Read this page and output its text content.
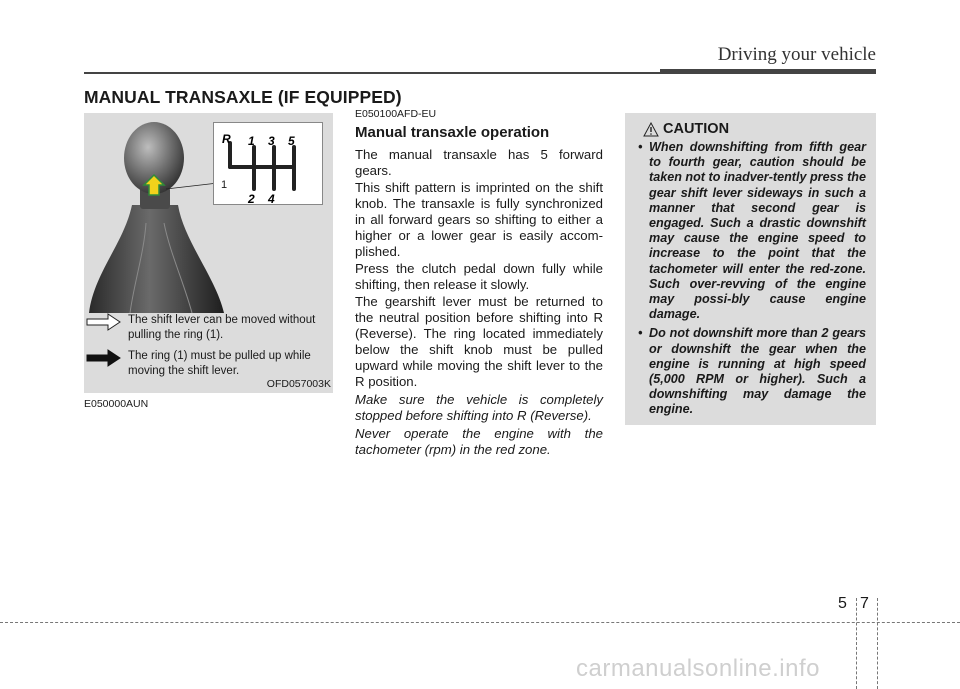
Driving your vehicle
MANUAL TRANSAXLE (IF EQUIPPED)
R 1 3 5
2 4
1
The shift lever can be moved without pulling the ring (1).
The ring (1) must be pulled up while moving the shift lever.
OFD057003K
E050000AUN
E050100AFD-EU
Manual transaxle operation

The manual transaxle has 5 forward gears.

This shift pattern is imprinted on the shift knob. The transaxle is fully synchronized in all forward gears so shifting to either a higher or a lower gear is easily accom-plished.

Press the clutch pedal down fully while shifting, then release it slowly.

The gearshift lever must be returned to the neutral position before shifting into R (Reverse). The ring located immediately below the shift knob must be pulled upward while moving the shift lever to the R position.

Make sure the vehicle is completely stopped before shifting into R (Reverse).

Never operate the engine with the tachometer (rpm) in the red zone.

CAUTION
• When downshifting from fifth gear to fourth gear, caution should be taken not to inadver-tently press the gear shift lever sideways in such a manner that second gear is engaged. Such a drastic downshift may cause the engine speed to increase to the point that the tachometer will enter the red-zone. Such over-revving of the engine may possi-bly cause engine damage.
• Do not downshift more than 2 gears or downshift the gear when the engine is running at high speed (5,000 RPM or higher). Such a downshifting may damage the engine.
5 7
carmanualsonline.info
